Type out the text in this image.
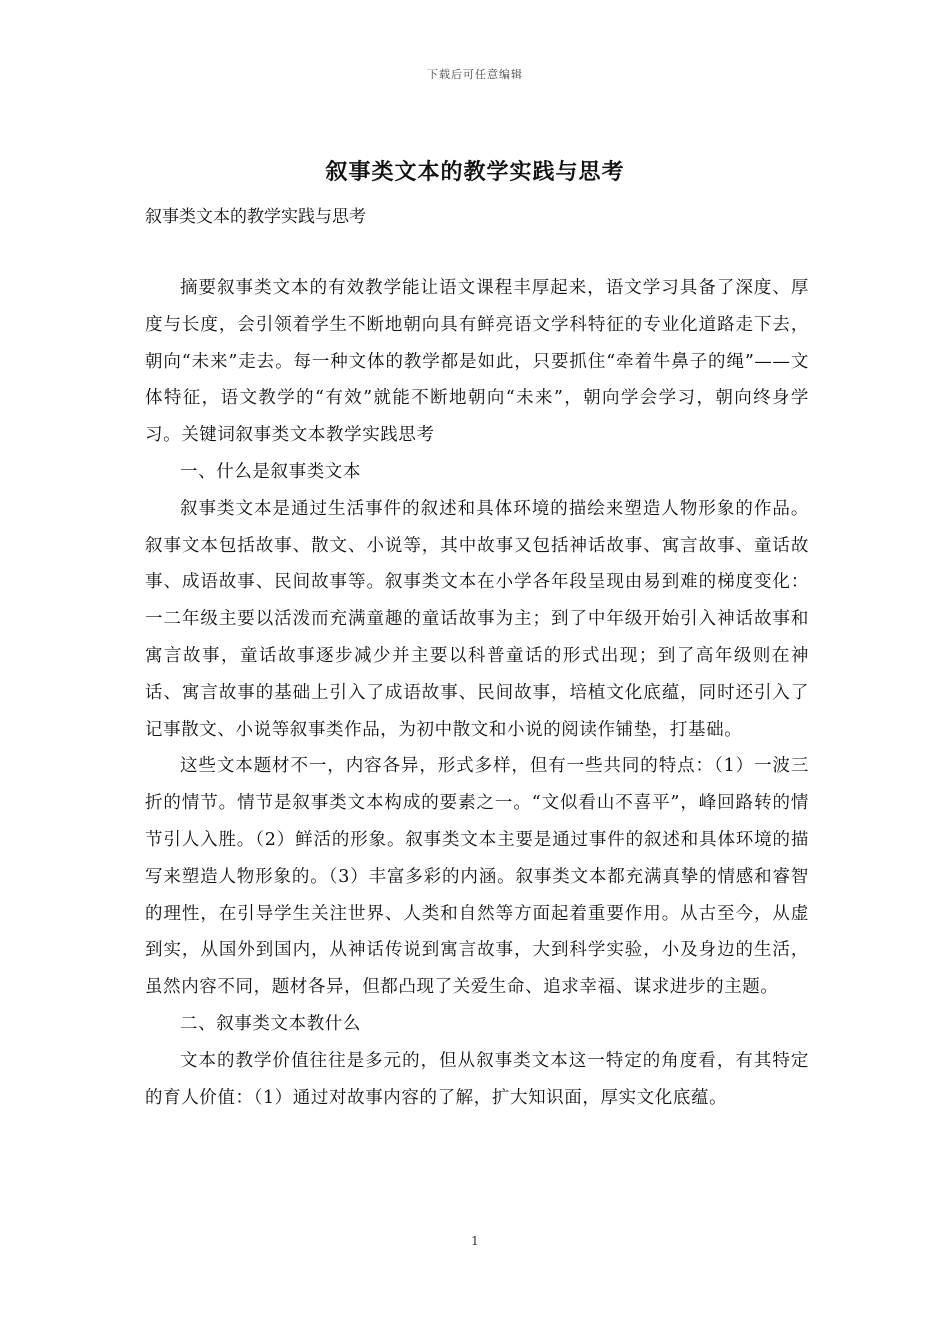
下载后可任意编辑
叙事类文本的教学实践与思考

叙事类文本的教学实践与思考

摘要叙事类文本的有效教学能让语文课程丰厚起来，语文学习具备了深度、厚度与长度，会引领着学生不断地朝向具有鲜亮语文学科特征的专业化道路走下去，朝向“未来”走去。每一种文体的教学都是如此，只要抓住“牵着牛鼻子的绳”——文体特征，语文教学的“有效”就能不断地朝向“未来”，朝向学会学习，朝向终身学习。关键词叙事类文本教学实践思考

一、什么是叙事类文本

叙事类文本是通过生活事件的叙述和具体环境的描绘来塑造人物形象的作品。叙事文本包括故事、散文、小说等，其中故事又包括神话故事、寓言故事、童话故事、成语故事、民间故事等。叙事类文本在小学各年段呈现由易到难的梯度变化：一二年级主要以活泼而充满童趣的童话故事为主；到了中年级开始引入神话故事和寓言故事，童话故事逐步减少并主要以科普童话的形式出现；到了高年级则在神话、寓言故事的基础上引入了成语故事、民间故事，培植文化底蕴，同时还引入了记事散文、小说等叙事类作品，为初中散文和小说的阅读作铺垫，打基础。

这些文本题材不一，内容各异，形式多样，但有一些共同的特点：（1）一波三折的情节。情节是叙事类文本构成的要素之一。“文似看山不喜平”，峰回路转的情节引人入胜。（2）鲜活的形象。叙事类文本主要是通过事件的叙述和具体环境的描写来塑造人物形象的。（3）丰富多彩的内涵。叙事类文本都充满真挚的情感和睿智的理性，在引导学生关注世界、人类和自然等方面起着重要作用。从古至今，从虚到实，从国外到国内，从神话传说到寓言故事，大到科学实验，小及身边的生活，虽然内容不同，题材各异，但都凸现了关爱生命、追求幸福、谋求进步的主题。

二、叙事类文本教什么

文本的教学价值往往是多元的，但从叙事类文本这一特定的角度看，有其特定的育人价值：（1）通过对故事内容的了解，扩大知识面，厚实文化底蕴。

1
